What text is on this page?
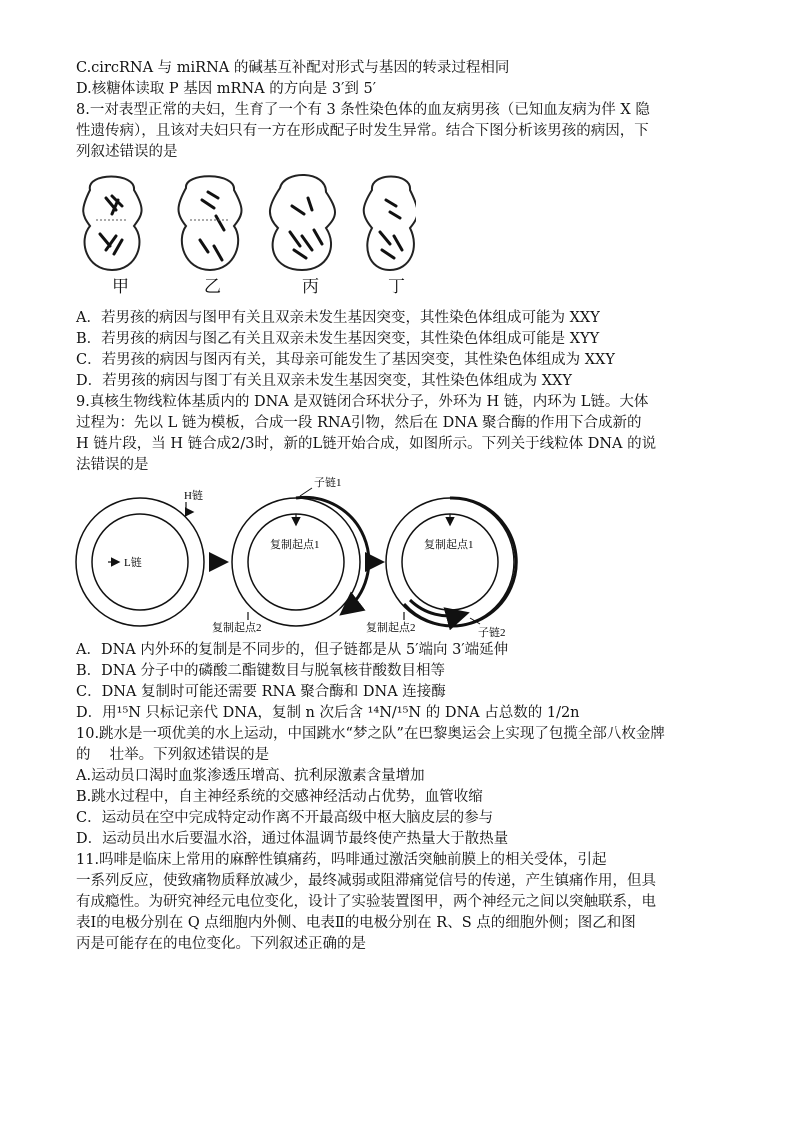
C.circRNA 与 miRNA 的碱基互补配对形式与基因的转录过程相同
D.核糖体读取 P 基因 mRNA 的方向是 3′到 5′
8.一对表型正常的夫妇，生育了一个有 3 条性染色体的血友病男孩（已知血友病为伴 X 隐
性遗传病），且该对夫妇只有一方在形成配子时发生异常。结合下图分析该男孩的病因，下
列叙述错误的是
甲	乙	丙	丁
A．若男孩的病因与图甲有关且双亲未发生基因突变，其性染色体组成可能为 XXY
B．若男孩的病因与图乙有关且双亲未发生基因突变，其性染色体组成可能是 XYY
C．若男孩的病因与图丙有关，其母亲可能发生了基因突变，其性染色体组成为 XXY
D．若男孩的病因与图丁有关且双亲未发生基因突变，其性染色体组成为 XXY
9.真核生物线粒体基质内的 DNA 是双链闭合环状分子，外环为 H 链，内环为 L链。大体
过程为：先以 L 链为模板，合成一段 RNA引物，然后在 DNA 聚合酶的作用下合成新的
H 链片段，当 H 链合成2/3时，新的L链开始合成，如图所示。下列关于线粒体 DNA 的说
法错误的是
H链
L链
复制起点1
子链1
复制起点2
复制起点1
复制起点2	子链2
A．DNA 内外环的复制是不同步的，但子链都是从 5′端向 3′端延伸
B．DNA 分子中的磷酸二酯键数目与脱氧核苷酸数目相等
C．DNA 复制时可能还需要 RNA 聚合酶和 DNA 连接酶
D．用¹⁵N 只标记亲代 DNA，复制 n 次后含 ¹⁴N/¹⁵N 的 DNA 占总数的 1/2n
10.跳水是一项优美的水上运动，中国跳水“梦之队”在巴黎奥运会上实现了包揽全部八枚金牌
的　 壮举。下列叙述错误的是
A.运动员口渴时血浆渗透压增高、抗利尿激素含量增加
B.跳水过程中，自主神经系统的交感神经活动占优势，血管收缩
C．运动员在空中完成特定动作离不开最高级中枢大脑皮层的参与
D．运动员出水后要温水浴，通过体温调节最终使产热量大于散热量
11.吗啡是临床上常用的麻醉性镇痛药，吗啡通过激活突触前膜上的相关受体，引起
一系列反应，使致痛物质释放减少，最终减弱或阻滞痛觉信号的传递，产生镇痛作用，但具
有成瘾性。为研究神经元电位变化，设计了实验装置图甲，两个神经元之间以突触联系，电
表Ⅰ的电极分别在 Q 点细胞内外侧、电表Ⅱ的电极分别在 R、S 点的细胞外侧；图乙和图
丙是可能存在的电位变化。下列叙述正确的是
